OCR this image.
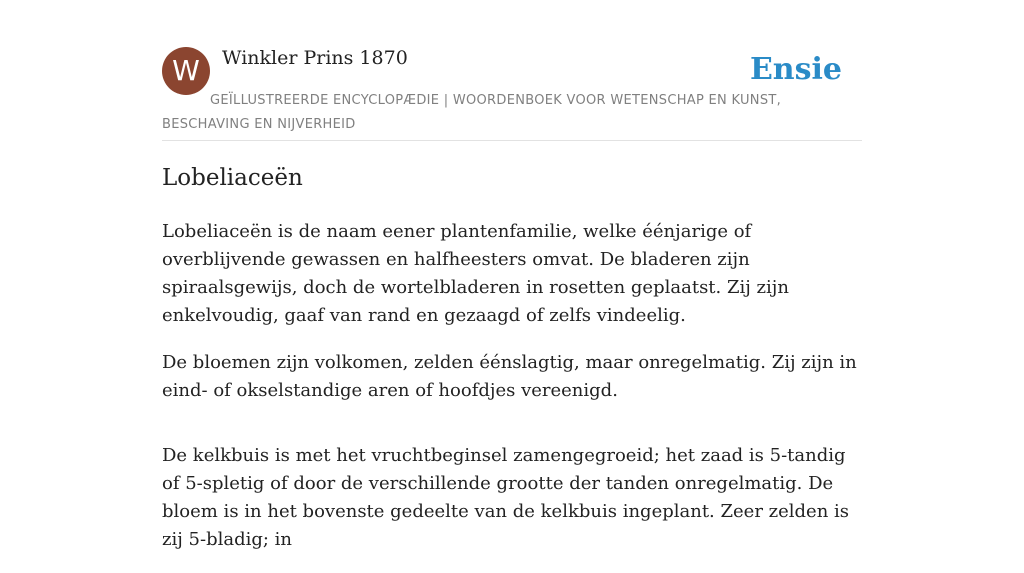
W	Winkler Prins 1870	Ensie
GEÏLLUSTREERDE ENCYCLOPÆDIE | WOORDENBOEK VOOR WETENSCHAP EN KUNST, BESCHAVING EN NIJVERHEID
Lobeliaceën

Lobeliaceën is de naam eener plantenfamilie, welke éénjarige of overblijvende gewassen en halfheesters omvat. De bladeren zijn spiraalsgewijs, doch de wortelbladeren in rosetten geplaatst. Zij zijn enkelvoudig, gaaf van rand en gezaagd of zelfs vindeelig.

De bloemen zijn volkomen, zelden éénslagtig, maar onregelmatig. Zij zijn in eind- of okselstandige aren of hoofdjes vereenigd.

De kelkbuis is met het vruchtbeginsel zamengegroeid; het zaad is 5-tandig of 5-spletig of door de verschillende grootte der tanden onregelmatig. De bloem is in het bovenste gedeelte van de kelkbuis ingeplant. Zeer zelden is zij 5-bladig; in
